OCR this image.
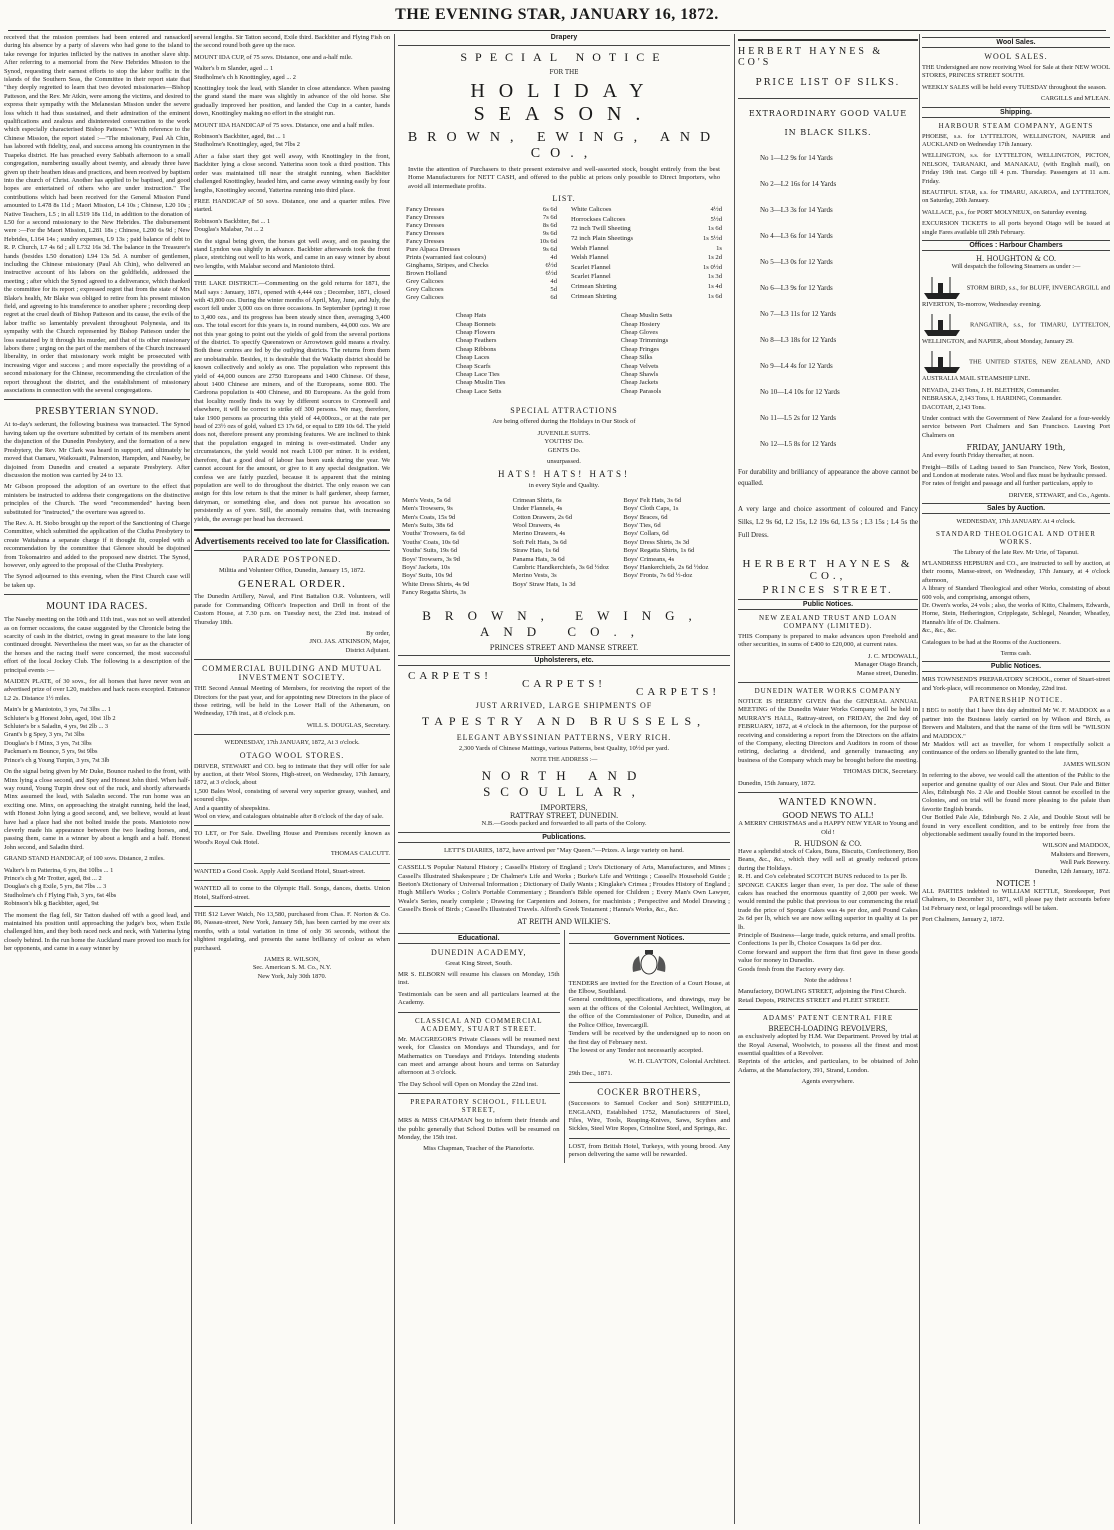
THE EVENING STAR, JANUARY 16, 1872.

received that the mission premises had been entered and ransacked during his absence by a party of slavers who had gone to the island to take revenge for injuries inflicted by the natives in another slave ship. After referring to a memorial from the New Hebrides Mission to the Synod, requesting their earnest efforts to stop the labor traffic in the islands of the Southern Seas, the Committee in their report state that "they deeply regretted to learn that two devoted missionaries—Bishop Patteson, and the Rev. Mr Atkin, were among the victims, and desired to express their sympathy with the Melanesian Mission under the severe loss which it had thus sustained, and their admiration of the eminent qualifications and zealous and disinterested consecration to the work which especially characterised Bishop Patteson." With reference to the Chinese Mission, the report stated :—"The missionary, Paul Ah Chin, has labored with fidelity, zeal, and success among his countrymen in the Tuapeka district. He has preached every Sabbath afternoon to a small congregation, numbering usually about twenty, and already three have given up their heathen ideas and practices, and been received by baptism into the church of Christ. Another has applied to be baptised, and good hopes are entertained of others who are under instruction." The contributions which had been received for the General Mission Fund amounted to L478 8s 11d ; Maori Mission, L4 10s ; Chinese, L20 10s ; Native Teachers, L5 ; in all L519 18s 11d, in addition to the donation of L50 for a second missionary to the New Hebrides. The disbursement were :—For the Maori Mission, L281 18s ; Chinese, L200 6s 9d ; New Hebrides, L164 14s ; sundry expenses, L9 13s ; paid balance of debt to R. P. Church, L7 4s 6d ; all L732 16s 3d. The balance in the Treasurer's hands (besides L50 donation) L94 13s 5d. A number of gentlemen, including the Chinese missionary (Paul Ah Chin), who delivered an instructive account of his labors on the goldfields, addressed the meeting ; after which the Synod agreed to a deliverance, which thanked the committee for its report ; expressed regret that from the state of Mrs Blake's health, Mr Blake was obliged to retire from his present mission field, and agreeing to his transference to another sphere ; recording deep regret at the cruel death of Bishop Patteson and its cause, the evils of the labor traffic so lamentably prevalent throughout Polynesia, and its sympathy with the Church represented by Bishop Patteson under the loss sustained by it through his murder, and that of its other missionary labors there ; urging on the part of the members of the Church increased liberality, in order that missionary work might be prosecuted with increasing vigor and success ; and more especially the providing of a second missionary for the Chinese, recommending the circulation of the report throughout the district, and the establishment of missionary associations in connection with the several congregations.

PRESBYTERIAN SYNOD.

At to-day's sederunt, the following business was transacted. The Synod having taken up the overture submitted by certain of its members anent the disjunction of the Dunedin Presbytery, and the formation of a new Presbytery, the Rev. Mr Clark was heard in support, and ultimately he moved that Oamaru, Waikouaiti, Palmerston, Hampden, and Naseby, be disjoined from Dunedin and created a separate Presbytery. After discussion the motion was carried by 24 to 13.

Mr Gibson proposed the adoption of an overture to the effect that ministers be instructed to address their congregations on the distinctive principles of the Church. The word "recommended" having been substituted for "instructed," the overture was agreed to.

The Rev. A. H. Stobo brought up the report of the Sanctioning of Charge Committee, which submitted the application of the Clutha Presbytery to create Waitahuna a separate charge if it thought fit, coupled with a recommendation by the committee that Glenore should be disjoined from Tokomairiro and added to the proposed new district. The Synod, however, only agreed to the proposal of the Clutha Presbytery.

The Synod adjourned to this evening, when the First Church case will be taken up.

MOUNT IDA RACES.

The Naseby meeting on the 10th and 11th inst., was not so well attended as on former occasions, the cause suggested by the Chronicle being the scarcity of cash in the district, owing in great measure to the late long continued drought. Nevertheless the meet was, so far as the character of the horses and the racing itself were concerned, the most successful effort of the local Jockey Club. The following is a description of the principal events :—

MAIDEN PLATE, of 30 sovs., for all horses that have never won an advertised prize of over L20, matches and hack races excepted. Entrance L2 2s. Distance 1½ miles.

Main's br g Maniototo, 3 yrs, 7st 3lbs ... 1
Schluter's b g Honest John, aged, 10st 1lb 2
Schluter's br s Saladin, 4 yrs, 9st 2lb ... 3
Grant's b g Spey, 3 yrs, 7st 3lbs
Douglas's b f Minx, 3 yrs, 7st 3lbs
Packman's m Bounce, 5 yrs, 9st 9lbs
Prince's ch g Young Turpin, 3 yrs, 7st 3lb

On the signal being given by Mr Duke, Bounce rushed to the front, with Minx lying a close second, and Spey and Honest John third. When half-way round, Young Turpin drew out of the ruck, and shortly afterwards Minx assumed the lead, with Saladin second. The run home was an exciting one. Minx, on approaching the straight running, held the lead, with Honest John lying a good second, and, we believe, would at least have had a place had she not bolted inside the posts. Maniototo now cleverly made his appearance between the two leading horses, and, passing them, came in a winner by about a length and a half. Honest John second, and Saladin third.

GRAND STAND HANDICAP, of 100 sovs. Distance, 2 miles.

Walter's b m Patterina, 6 yrs, 8st 10lbs ... 1
Prince's ch g Mr Trotter, aged, 8st ... 2
Douglas's ch g Exile, 5 yrs, 8st 7lbs ... 3
Studholme's ch f Flying Fish, 3 yrs, 6st 4lbs
Robinson's blk g Backbiter, aged, 9st

The moment the flag fell, Sir Tatton dashed off with a good lead, and maintained his position until approaching the judge's box, when Exile challenged him, and they both raced neck and neck, with Yatterina lying closely behind. In the run home the Auckland mare proved too much for her opponents, and came in a easy winner by

several lengths. Sir Tatton second, Exile third. Backbiter and Flying Fish on the second round both gave up the race.

MOUNT IDA CUP, of 75 sovs. Distance, one and a-half mile.

Walter's b m Slander, aged ... 1
Studholme's ch h Knottingley, aged ... 2

Knottingley took the lead, with Slander in close attendance. When passing the grand stand the mare was slightly in advance of the old horse. She gradually improved her position, and landed the Cup in a canter, hands down, Knottingley making no effort in the straight run.

MOUNT IDA HANDICAP of 75 sovs. Distance, one and a half miles.

Robinson's Backbiter, aged, 8st ... 1
Studholme's Knottingley, aged, 9st 7lbs 2

After a false start they got well away, with Knottingley in the front, Backbiter lying a close second. Yatterina soon took a third position. This order was maintained till near the straight running, when Backbiter challenged Knottingley, headed him, and came away winning easily by four lengths, Knottingley second, Yatterina running into third place.

FREE HANDICAP of 50 sovs. Distance, one and a quarter miles. Five started.

Robinson's Backbiter, 8st ... 1
Douglas's Malabar, 7st ... 2

On the signal being given, the horses got well away, and on passing the stand Lyndon was slightly in advance. Backbiter afterwards took the front place, stretching out well to his work, and came in an easy winner by about two lengths, with Malabar second and Maniototo third.

THE LAKE DISTRICT.—Commenting on the gold returns for 1871, the Mail says : January, 1871, opened with 4,444 ozs ; December, 1871, closed with 43,800 ozs. During the winter months of April, May, June, and July, the escort fell under 3,000 ozs on three occasions. In September (spring) it rose to 3,400 ozs., and its progress has been steady since then, averaging 3,400 ozs. The total escort for this years is, in round numbers, 44,000 ozs. We are not this year going to point out the yields of gold from the several portions of the district. To specify Queenstown or Arrowtown gold means a rivalry. Both these centres are fed by the outlying districts. The returns from them are unobtainable. Besides, it is desirable that the Wakatip district should be known collectively and solely as one. The population who represent this yield of 44,000 ounces are 2750 Europeans and 1400 Chinese. Of these, about 1400 Chinese are miners, and of the Europeans, some 800. The Cardrona population is 400 Chinese, and 80 Europeans. As the gold from that locality mostly finds its way by different sources to Cromwell and elsewhere, it will be correct to strike off 300 persons. We may, therefore, take 1900 persons as procuring this yield of 44,000ozs., or at the rate per head of 23½ ozs of gold, valued £3 17s 6d, or equal to £89 10s 6d. The yield does not, therefore present any promising features. We are inclined to think that the population engaged in mining is over-estimated. Under any circumstances, the yield would not reach L100 per miner. It is evident, therefore, that a good deal of labour has been sunk during the year. We cannot account for the amount, or give to it any special designation. We confess we are fairly puzzled, because it is apparent that the mining population are well to do throughout the district. The only reason we can assign for this low return is that the miner is half gardener, sheep farmer, dairyman, or something else, and does not pursue his avocation so persistently as of yore. Still, the anomaly remains that, with increasing yields, the average per head has decreased.

Advertisements received too late for Classification.
PARADE POSTPONED.

Militia and Volunteer Office, Dunedin, January 15, 1872.

GENERAL ORDER.

The Dunedin Artillery, Naval, and First Battalion O.R. Volunteers, will parade for Commanding Officer's Inspection and Drill in front of the Custom House, at 7.30 p.m. on Tuesday next, the 23rd inst. instead of Thursday 18th.

By order,
JNO. JAS. ATKINSON, Major,
District Adjutant.

COMMERCIAL BUILDING AND MUTUAL INVESTMENT SOCIETY.

THE Second Annual Meeting of Members, for receiving the report of the Directors for the past year, and for appointing new Directors in the place of those retiring, will be held in the Lower Hall of the Athenæum, on Wednesday, 17th inst., at 8 o'clock p.m.

WILL S. DOUGLAS, Secretary.

WEDNESDAY, 17th JANUARY, 1872, At 3 o'clock.

OTAGO WOOL STORES.

DRIVER, STEWART and CO. beg to intimate that they will offer for sale by auction, at their Wool Stores, High-street, on Wednesday, 17th January, 1872, at 3 o'clock, about
1,500 Bales Wool, consisting of several very superior greasy, washed, and scoured clips.
And a quantity of sheepskins.
Wool on view, and catalogues obtainable after 8 o'clock of the day of sale.

TO LET, or For Sale. Dwelling House and Premises recently known as Wood's Royal Oak Hotel.

THOMAS CALCUTT.

WANTED a Good Cook. Apply Auld Scotland Hotel, Stuart-street.

WANTED all to come to the Olympic Hall. Songs, dances, duetts. Union Hotel, Stafford-street.

THE $12 Lever Watch, No 13,580, purchased from Chas. F. Norton & Co. 86, Nassau-street, New York, January 5th, has been carried by me over six months, with a total variation in time of only 36 seconds, without the slightest regulating, and presents the same brilliancy of colour as when purchased.

JAMES R. WILSON,
Sec. American S. M. Co., N.Y.
New York, July 30th 1870.

Drapery
SPECIAL NOTICE
FOR THE
HOLIDAY SEASON.
BROWN, EWING, AND CO.,

Invite the attention of Purchasers to their present extensive and well-assorted stock, bought entirely from the best Home Manufacturers for NETT CASH, and offered to the public at prices only possible to Direct Importers, who avoid all intermediate profits.

LIST.
Fancy Dresses	6s 6d
Fancy Dresses	7s 6d
Fancy Dresses	8s 6d
Fancy Dresses	9s 6d
Fancy Dresses	10s 6d
Pure Alpaca Dresses	9s 6d
Prints (warranted fast colours)	4d
Ginghams, Stripes, and Checks	6½d
Brown Holland	6½d
Grey Calicoes	4d
Grey Calicoes	5d
Grey Calicoes	6d
White Calicoes	4½d
Horrockses Calicoes	5½d
72 inch Twill Sheeting	1s 6d
72 inch Plain Sheetings	1s 5½d
Welsh Flannel	1s
Welsh Flannel	1s 2d
Scarlet Flannel	1s 0½d
Scarlet Flannel	1s 3d

Crimean Shirting	1s 4d
Crimean Shirting	1s 6d
Cheap Hats
Cheap Bonnets
Cheap Flowers
Cheap Feathers
Cheap Ribbons
Cheap Laces
Cheap Scarfs
Cheap Lace Ties
Cheap Muslin Ties
Cheap Lace Setts
Cheap Muslin Setts
Cheap Hosiery
Cheap Gloves
Cheap Trimmings
Cheap Fringes
Cheap Silks
Cheap Velvets
Cheap Shawls
Cheap Jackets
Cheap Parasols
SPECIAL ATTRACTIONS

Are being offered during the Holidays in Our Stock of

JUVENILE SUITS.
YOUTHS' Do.
GENTS Do.

unsurpassed.

HATS! HATS! HATS!

in every Style and Quality.

Men's Vests, 5s 6d
Men's Trowsers, 9s
Men's Coats, 15s 9d
Men's Suits, 38s 6d
Youths' Trowsers, 6s 6d
Youths' Coats, 10s 6d
Youths' Suits, 19s 6d
Boys' Trowsers, 3s 9d
Boys' Jackets, 10s
Boys' Suits, 10s 9d
White Dress Shirts, 4s 9d
Fancy Regatta Shirts, 3s
Crimean Shirts, 6s
Under Flannels, 4s
Cotton Drawers, 2s 6d
Wool Drawers, 4s
Merino Drawers, 4s
Soft Felt Hats, 3s 6d
Straw Hats, 1s 6d
Panama Hats, 3s 6d
Cambric Handkerchiefs, 3s 6d ½doz
Merino Vests, 3s
Boys' Straw Hats, 1s 3d
Boys' Felt Hats, 3s 6d
Boys' Cloth Caps, 1s
Boys' Braces, 6d
Boys' Ties, 6d
Boys' Collars, 6d
Boys' Dress Shirts, 3s 3d
Boys' Regatta Shirts, 1s 6d
Boys' Crimeans, 4s
Boys' Hankerchiefs, 2s 6d ½doz
Boys' Fronts, 7s 6d ½-doz
BROWN, EWING, AND CO.,
PRINCES STREET AND MANSE STREET.
Upholsterers, etc.
CARPETS!
CARPETS!
CARPETS!
JUST ARRIVED, LARGE SHIPMENTS OF
TAPESTRY AND BRUSSELS,
ELEGANT ABYSSINIAN PATTERNS, VERY RICH.

2,300 Yards of Chinese Mattings, various Patterns, best Quality, 10½d per yard.

NOTE THE ADDRESS :—

NORTH AND SCOULLAR,
IMPORTERS,
RATTRAY STREET, DUNEDIN.

N.B.—Goods packed and forwarded to all parts of the Colony.

Publications.

LETT'S DIARIES, 1872, have arrived per "May Queen."—Prizes. A large variety on hand.

CASSELL'S Popular Natural History ; Cassell's History of England ; Ure's Dictionary of Arts, Manufactures, and Mines ; Cassell's Illustrated Shakespeare ; Dr Chalmer's Life and Works ; Burke's Life and Writings ; Cassell's Household Guide ; Beeton's Dictionary of Universal Information ; Dictionary of Daily Wants ; Kinglake's Crimea ; Froudes History of England ; Hugh Miller's Works ; Colin's Portable Commentary ; Brandon's Bible opened for Children ; Every Man's Own Lawyer, Weale's Series, nearly complete ; Drawing for Carpenters and Joiners, for machinists ; Perspective and Model Drawing ; Cassell's Book of Birds ; Cassell's Illustrated Travels. Alford's Greek Testament ; Hanna's Works, &c., &c.

AT REITH AND WILKIE'S.
Educational.
DUNEDIN ACADEMY,

Great King Street, South.

MR S. ELBORN will resume his classes on Monday, 15th inst.

Testimonials can be seen and all particulars learned at the Academy.

CLASSICAL AND COMMERCIAL ACADEMY, STUART STREET.

Mr. MACGREGOR'S Private Classes will be resumed next week, for Classics on Mondays and Thursdays, and for Mathematics on Tuesdays and Fridays. Intending students can meet and arrange about hours and terms on Saturday afternoon at 3 o'clock.

The Day School will Open on Monday the 22nd inst.

PREPARATORY SCHOOL, FILLEUL STREET,

MRS & MISS CHAPMAN beg to inform their friends and the public generally that School Duties will be resumed on Monday, the 15th inst.

Miss Chapman, Teacher of the Pianoforte.

Government Notices.

TENDERS are invited for the Erection of a Court House, at the Elbow, Southland.
General conditions, specifications, and drawings, may be seen at the offices of the Colonial Architect, Wellington, at the office of the Commissioner of Police, Dunedin, and at the Police Office, Invercargill.
Tenders will be received by the undersigned up to noon on the first day of February next.
The lowest or any Tender not necessarily accepted.

W. H. CLAYTON, Colonial Architect.

29th Dec., 1871.

COCKER BROTHERS,

(Successors to Samuel Cocker and Son) SHEFFIELD, ENGLAND, Established 1752, Manufacturers of Steel, Files, Wire, Tools, Reaping-Knives, Saws, Scythes and Sickles, Steel Wire Ropes, Crinoline Steel, and Springs, &c.

LOST, from British Hotel, Turkeys, with young brood. Any person delivering the same will be rewarded.

HERBERT HAYNES & CO'S
PRICE LIST OF SILKS.
EXTRAORDINARY GOOD VALUE
IN BLACK SILKS.
No 1—L2 9s for 14 Yards
No 2—L2 16s for 14 Yards
No 3—L3 3s for 14 Yards
No 4—L3 6s for 14 Yards
No 5—L3 0s for 12 Yards
No 6—L3 9s for 12 Yards
No 7—L3 11s for 12 Yards
No 8—L3 18s for 12 Yards
No 9—L4 4s for 12 Yards
No 10—L4 10s for 12 Yards
No 11—L5 2s for 12 Yards
No 12—L5 8s for 12 Yards

For durability and brilliancy of appearance the above cannot be equalled.

A very large and choice assortment of coloured and Fancy Silks, L2 9s 6d, L2 15s, L2 19s 6d, L3 5s ; L3 15s ; L4 5s the Full Dress.

HERBERT HAYNES & CO.,
PRINCES STREET.
Public Notices.
NEW ZEALAND TRUST AND LOAN COMPANY (LIMITED).

THIS Company is prepared to make advances upon Freehold and other securities, in sums of £400 to £20,000, at current rates.

J. C. M'DOWALL,
Manager Otago Branch,
Manse street, Dunedin.

DUNEDIN WATER WORKS COMPANY

NOTICE IS HEREBY GIVEN that the GENERAL ANNUAL MEETING of the Dunedin Water Works Company will be held in MURRAY'S HALL, Rattray-street, on FRIDAY, the 2nd day of FEBRUARY, 1872, at 4 o'clock in the afternoon, for the purpose of receiving and considering a report from the Directors on the affairs of the Company, electing Directors and Auditors in room of those retiring, declaring a dividend, and generally transacting any business of the Company which may be brought before the meeting.

THOMAS DICK, Secretary.

Dunedin, 15th January, 1872.

WANTED KNOWN.
GOOD NEWS TO ALL!

A MERRY CHRISTMAS and a HAPPY NEW YEAR to Young and Old !

R. HUDSON & CO.

Have a splendid stock of Cakes, Buns, Biscuits, Confectionery, Bon Beans, &c., &c., which they will sell at greatly reduced prices during the Holidays.
R. H. and Co's celebrated SCOTCH BUNS reduced to 1s per lb.
SPONGE CAKES larger than ever, 1s per doz. The sale of these cakes has reached the enormous quantity of 2,000 per week. We would remind the public that previous to our commencing the retail trade the price of Sponge Cakes was 4s per doz, and Pound Cakes 2s 6d per lb, which we are now selling superior in quality at 1s per lb.
Principle of Business—large trade, quick returns, and small profits.
Confections 1s per lb, Choice Cosaques 1s 6d per doz.
Come forward and support the firm that first gave in these goods value for money in Dunedin.
Goods fresh from the Factory every day.

Note the address !

Manufactory, DOWLING STREET, adjoining the First Church.
Retail Depots, PRINCES STREET and FLEET STREET.

ADAMS' PATENT CENTRAL FIRE
BREECH-LOADING REVOLVERS,

as exclusively adopted by H.M. War Department. Proved by trial at the Royal Arsenal, Woolwich, to possess all the finest and most essential qualities of a Revolver.
Reprints of the articles, and particulars, to be obtained of John Adams, at the Manufactory, 391, Strand, London.

Agents everywhere.

Wool Sales.
WOOL SALES.

THE Undersigned are now receiving Wool for Sale at their NEW WOOL STORES, PRINCES STREET SOUTH.

WEEKLY SALES will be held every TUESDAY throughout the season.

CARGILLS and M'LEAN.

Shipping.
HARBOUR STEAM COMPANY, AGENTS

PHOEBE, s.s. for LYTTELTON, WELLINGTON, NAPIER and AUCKLAND on Wednesday 17th January.

WELLINGTON, s.s. for LYTTELTON, WELLINGTON, PICTON, NELSON, TARANAKI, and MANAKAU, (with English mail), on Friday 19th inst. Cargo till 4 p.m. Thursday. Passengers at 11 a.m. Friday.

BEAUTIFUL STAR, s.s. for TIMARU, AKAROA, and LYTTELTON, on Saturday, 20th January.

WALLACE, p.s., for PORT MOLYNEUX, on Saturday evening.

EXCURSION TICKETS to all ports beyond Otago will be issued at single Fares available till 29th February.

Offices : Harbour Chambers
H. HOUGHTON & CO.

Will despatch the following Steamers as under :—

STORM BIRD, s.s., for BLUFF, INVERCARGILL and RIVERTON, To-morrow, Wednesday evening.

RANGATIRA, s.s., for TIMARU, LYTTELTON, WELLINGTON, and NAPIER, about Monday, January 29.

THE UNITED STATES, NEW ZEALAND, AND AUSTRALIA MAIL STEAMSHIP LINE.

NEVADA, 2143 Tons, J. H. BLETHEN, Commander.
NEBRASKA, 2,143 Tons, I. HARDING, Commander.
DACOTAH, 2,143 Tons.

Under contract with the Government of New Zealand for a four-weekly service between Port Chalmers and San Francisco. Leaving Port Chalmers on

FRIDAY, JANUARY 19th,

And every fourth Friday thereafter, at noon.

Freight—Bills of Lading issued to San Francisco, New York, Boston, and London at moderate rates. Wool and flax must be hydraulic pressed.
For rates of freight and passage and all further particulars, apply to

DRIVER, STEWART, and Co., Agents.

Sales by Auction.

WEDNESDAY, 17th JANUARY. At 4 o'clock.

STANDARD THEOLOGICAL AND OTHER WORKS.

The Library of the late Rev. Mr Urie, of Tapanui.

M'LANDRESS HEPBURN and CO., are instructed to sell by auction, at their rooms, Manse-street, on Wednesday, 17th January, at 4 o'clock afternoon,
A library of Standard Theological and other Works, consisting of about 600 vols, and comprising, amongst others,
Dr. Owen's works, 24 vols ; also, the works of Kitto, Chalmers, Edwards, Horne, Stein, Hetherington, Cripplegate, Schlegel, Neander, Wheatley, Hannah's life of Dr. Chalmers.
&c., &c., &c.

Catalogues to be had at the Rooms of the Auctioneers.

Terms cash.

Public Notices.

MRS TOWNSEND'S PREPARATORY SCHOOL, corner of Stuart-street and York-place, will recommence on Monday, 22nd inst.

PARTNERSHIP NOTICE.

I BEG to notify that I have this day admitted Mr W. F. MADDOX as a partner into the Business lately carried on by Wilson and Birch, as Brewers and Maltsters, and that the name of the firm will be "WILSON and MADDOX."
Mr Maddox will act as traveller, for whom I respectfully solicit a continuance of the orders so liberally granted to the late firm,

JAMES WILSON

In referring to the above, we would call the attention of the Public to the superior and genuine quality of our Ales and Stout. Our Pale and Bitter Ales, Edinburgh No. 2 Ale and Double Stout cannot be excelled in the Colonies, and on trial will be found more pleasing to the palate than favorite English brands.
Our Bottled Pale Ale, Edinburgh No. 2 Ale, and Double Stout will be found in very excellent condition, and to be entirely free from the objectionable sediment usually found in the imported beers.

WILSON and MADDOX,
Maltsters and Brewers,
Well Park Brewery.
Dunedin, 12th January, 1872.

NOTICE !

ALL PARTIES indebted to WILLIAM KETTLE, Storekeeper, Port Chalmers, to December 31, 1871, will please pay their accounts before 1st February next, or legal proceedings will be taken.

Port Chalmers, January 2, 1872.
